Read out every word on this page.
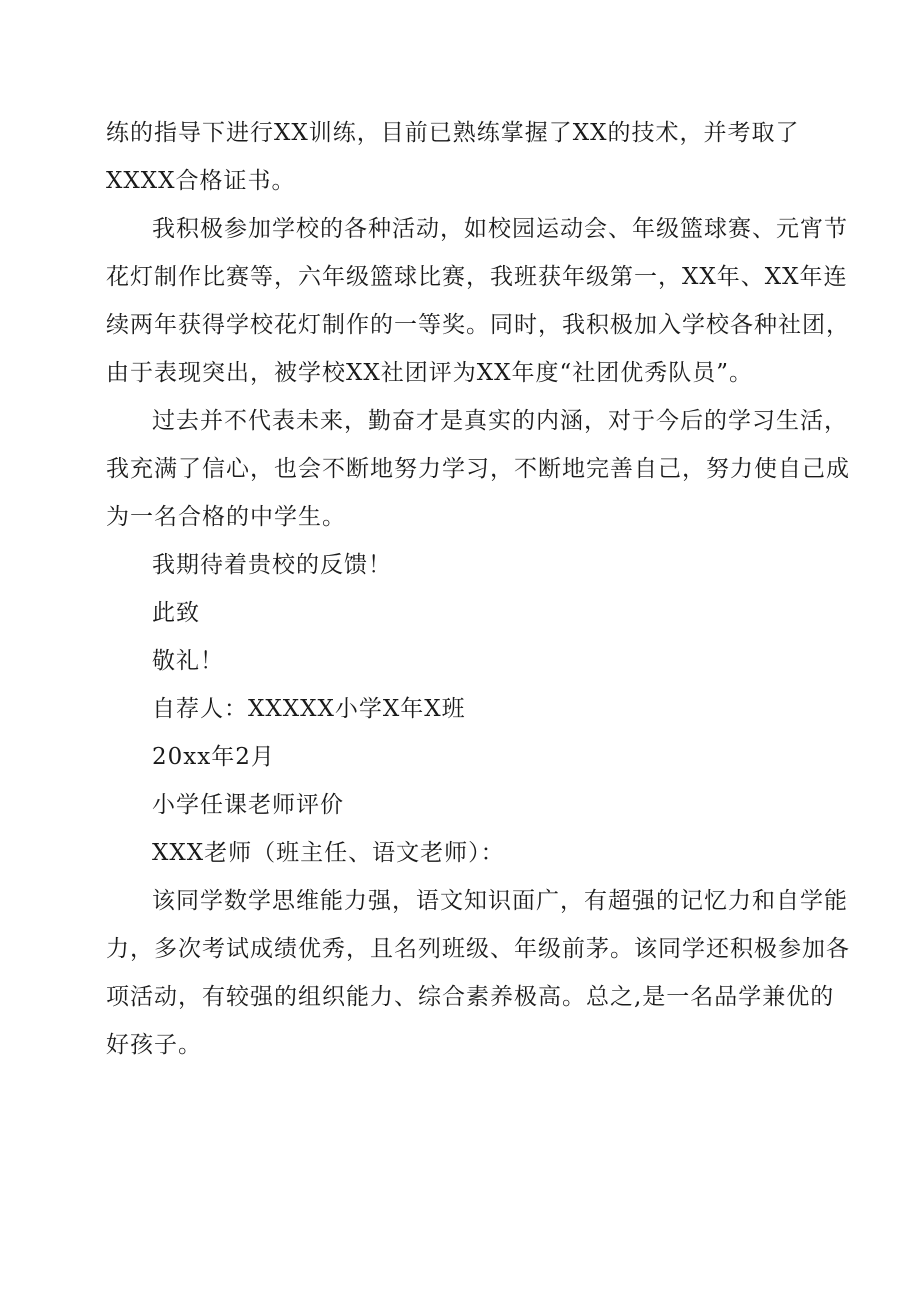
练的指导下进行XX训练，目前已熟练掌握了XX的技术，并考取了
XXXX合格证书。
我积极参加学校的各种活动，如校园运动会、年级篮球赛、元宵节
花灯制作比赛等，六年级篮球比赛，我班获年级第一，XX年、XX年连
续两年获得学校花灯制作的一等奖。同时，我积极加入学校各种社团，
由于表现突出，被学校XX社团评为XX年度“社团优秀队员”。
过去并不代表未来，勤奋才是真实的内涵，对于今后的学习生活，
我充满了信心，也会不断地努力学习，不断地完善自己，努力使自己成
为一名合格的中学生。
我期待着贵校的反馈！
此致
敬礼！
自荐人：XXXXX小学X年X班
20xx年2月
小学任课老师评价
XXX老师（班主任、语文老师）：
该同学数学思维能力强，语文知识面广，有超强的记忆力和自学能
力，多次考试成绩优秀，且名列班级、年级前茅。该同学还积极参加各
项活动，有较强的组织能力、综合素养极高。总之,是一名品学兼优的
好孩子。
